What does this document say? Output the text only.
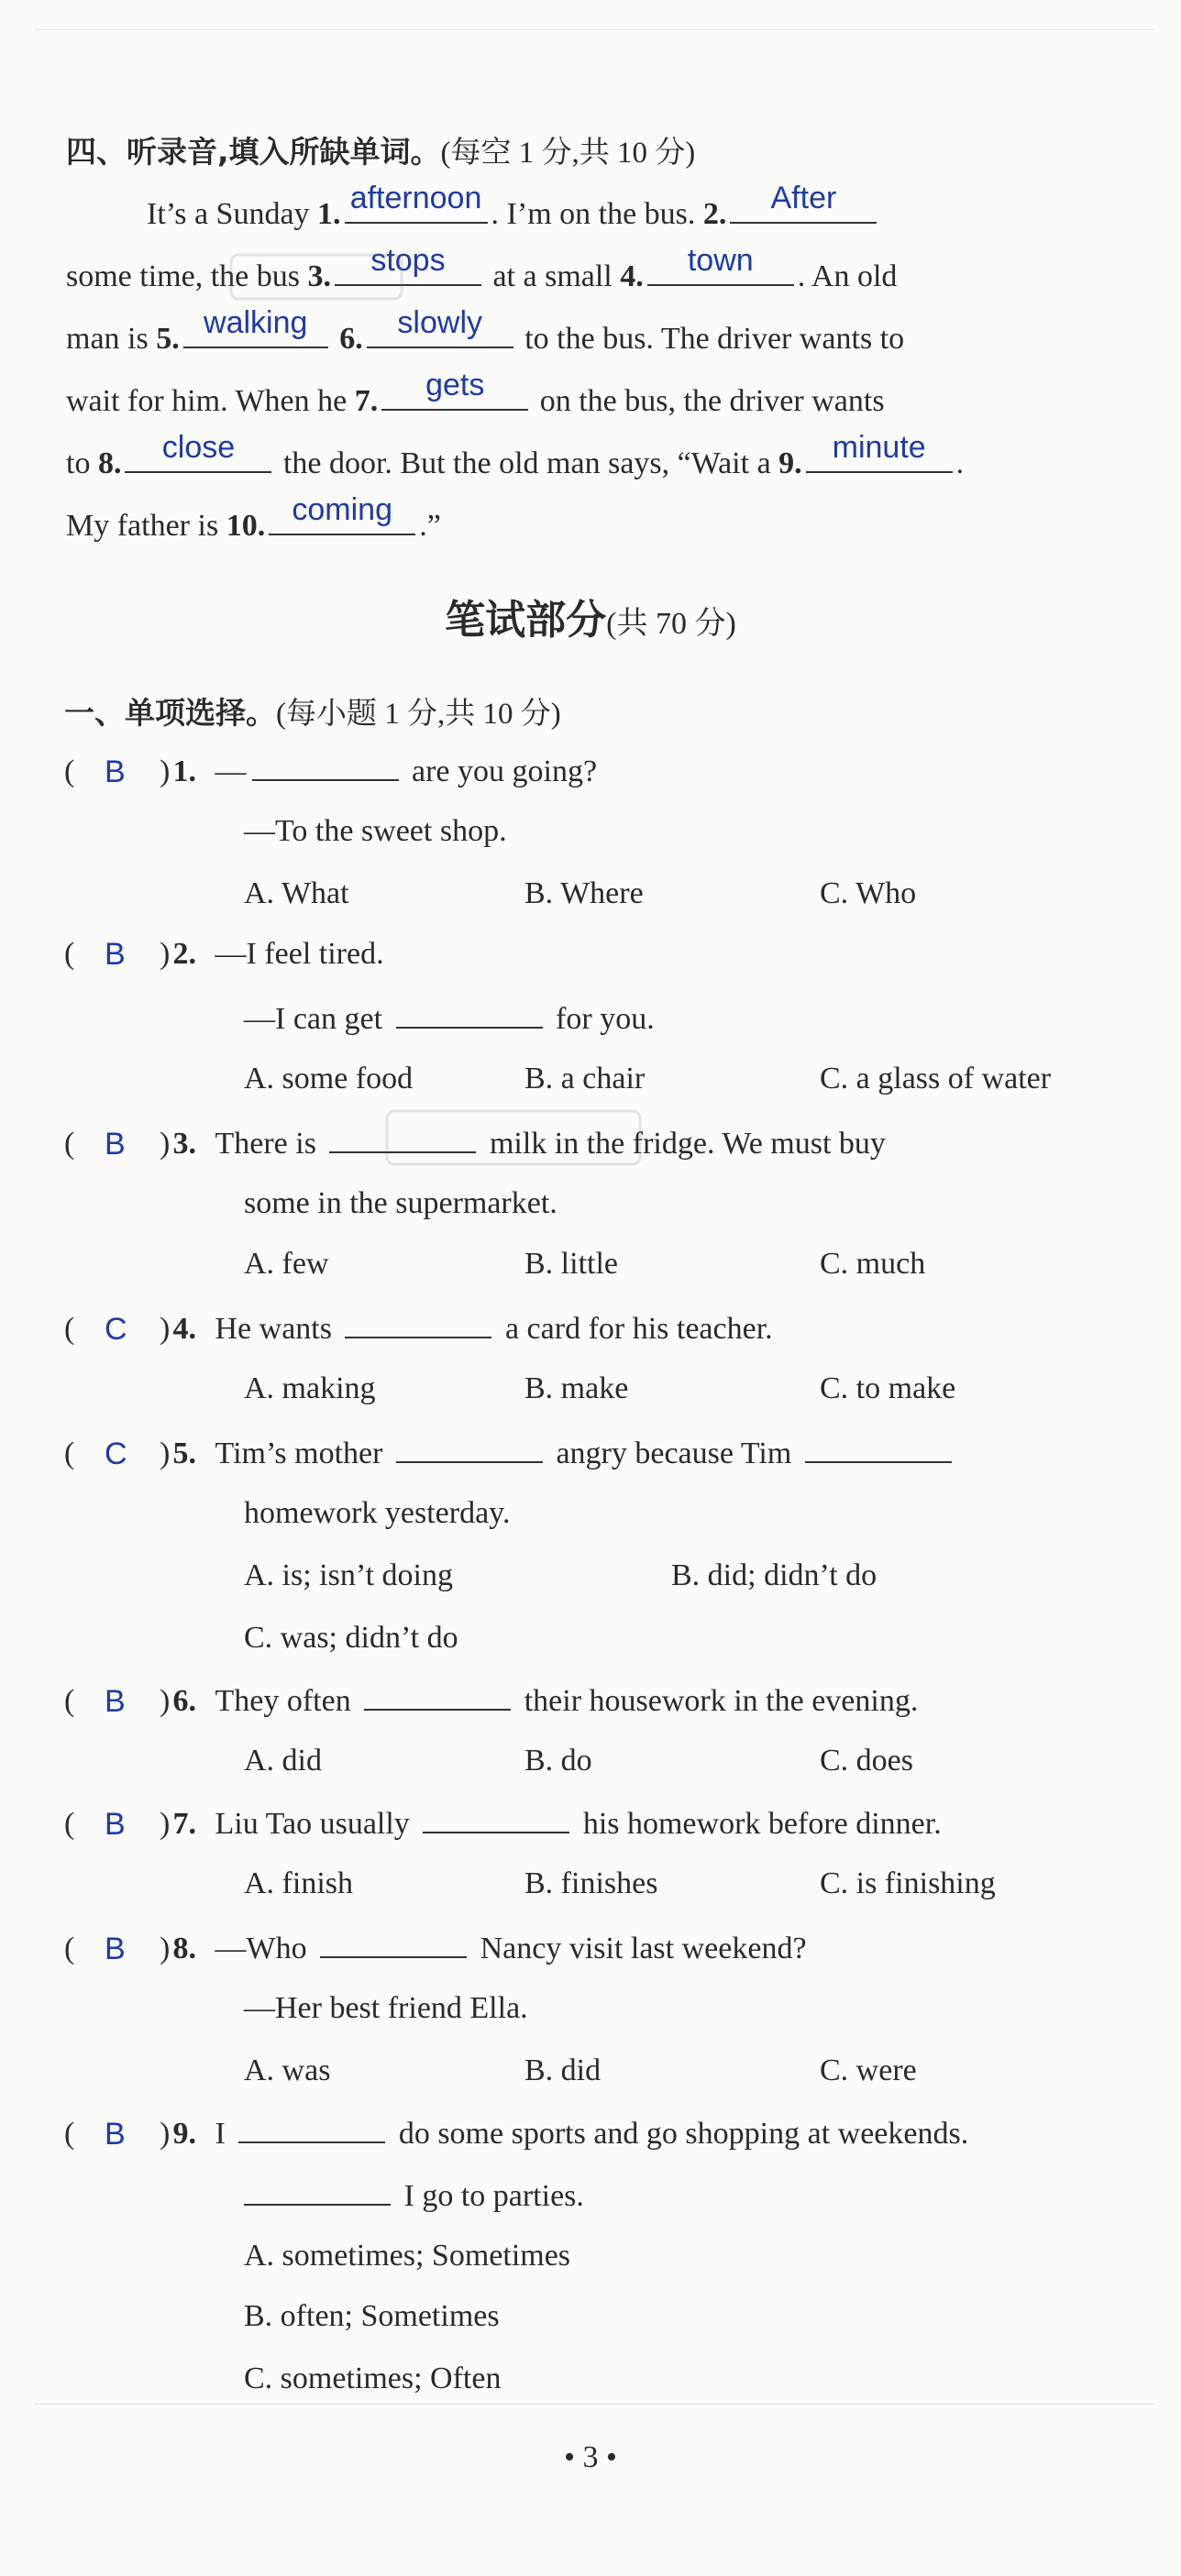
四、听录音,填入所缺单词。(每空 1 分,共 10 分)
It’s a Sunday 1. afternoon . I’m on the bus. 2.	After
some time, the bus 3.	stops	at a small 4.	town	. An old
man is 5. walking	6.	slowly	to the bus. The driver wants to
wait for him. When he 7.	gets	on the bus, the driver wants
to 8.	close	the door. But the old man says, “Wait a 9. minute .
My father is 10. coming .”
笔试部分(共 70 分)
一、单项选择。(每小题 1 分,共 10 分)
( B ) 1. —	are you going?
—To the sweet shop.
A. What	B. Where	C. Who
( B ) 2. —I feel tired.
—I can get	for you.
A. some food	B. a chair	C. a glass of water
( B ) 3. There is	milk in the fridge. We must buy
some in the supermarket.
A. few	B. little	C. much
( C ) 4. He wants	a card for his teacher.
A. making	B. make	C. to make
( C ) 5. Tim’s mother	angry because Tim
homework yesterday.
A. is; isn’t doing	B. did; didn’t do
C. was; didn’t do
( B ) 6. They often	their housework in the evening.
A. did	B. do	C. does
( B ) 7. Liu Tao usually	his homework before dinner.
A. finish	B. finishes	C. is finishing
( B ) 8. —Who	Nancy visit last weekend?
—Her best friend Ella.
A. was	B. did	C. were
( B ) 9. I	do some sports and go shopping at weekends.
I go to parties.
A. sometimes; Sometimes
B. often; Sometimes
C. sometimes; Often
• 3 •
